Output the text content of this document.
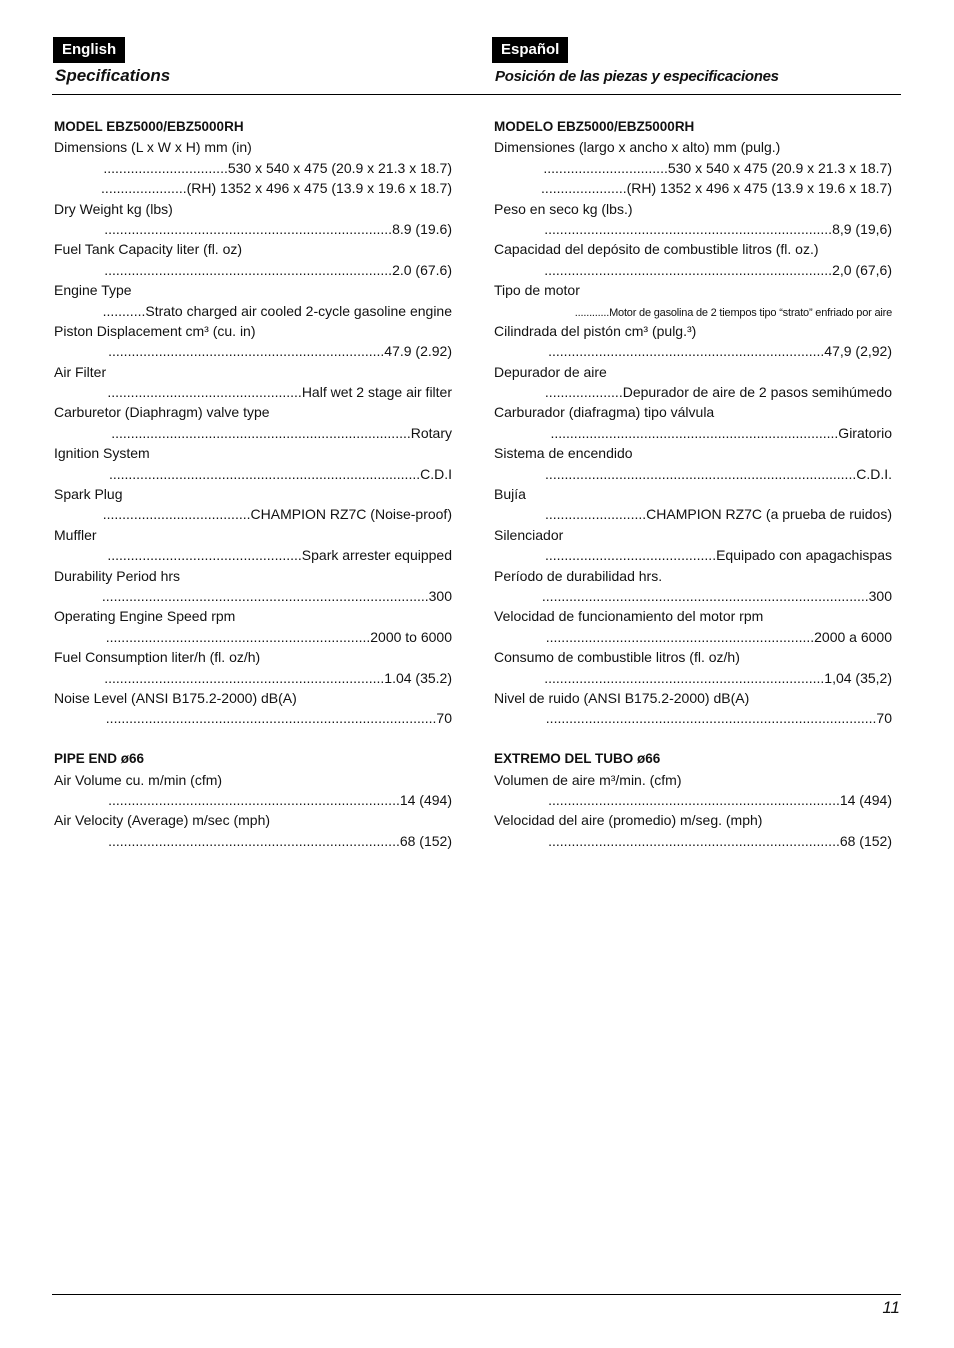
English	Español
Specifications	Posición de las piezas y especificaciones
MODEL EBZ5000/EBZ5000RH
Dimensions (L x W x H) mm (in)
................................530 x 540 x 475 (20.9 x 21.3 x 18.7)
......................(RH) 1352 x 496 x 475 (13.9 x 19.6 x 18.7)
Dry Weight kg (lbs)
..........................................................................8.9 (19.6)
Fuel Tank Capacity liter (fl. oz)
..........................................................................2.0 (67.6)
Engine Type
...........Strato charged air cooled 2-cycle gasoline engine
Piston Displacement cm³ (cu. in)
.......................................................................47.9 (2.92)
Air Filter
..................................................Half wet 2 stage air filter
Carburetor (Diaphragm) valve type
.............................................................................Rotary
Ignition System
................................................................................C.D.I
Spark Plug
......................................CHAMPION RZ7C (Noise-proof)
Muffler
..................................................Spark arrester equipped
Durability Period hrs
....................................................................................300
Operating Engine Speed rpm
....................................................................2000 to 6000
Fuel Consumption liter/h (fl. oz/h)
........................................................................1.04 (35.2)
Noise Level (ANSI B175.2-2000) dB(A)
.....................................................................................70
PIPE END ø66
Air Volume cu. m/min (cfm)
...........................................................................14 (494)
Air Velocity (Average) m/sec (mph)
...........................................................................68 (152)
MODELO EBZ5000/EBZ5000RH
Dimensiones (largo x ancho x alto) mm (pulg.)
................................530 x 540 x 475 (20.9 x 21.3 x 18.7)
......................(RH) 1352 x 496 x 475 (13.9 x 19.6 x 18.7)
Peso en seco kg (lbs.)
..........................................................................8,9 (19,6)
Capacidad del depósito de combustible litros (fl. oz.)
..........................................................................2,0 (67,6)
Tipo de motor
............Motor de gasolina de 2 tiempos tipo “strato” enfriado por aire
Cilindrada del pistón cm³ (pulg.³)
.......................................................................47,9 (2,92)
Depurador de aire
....................Depurador de aire de 2 pasos semihúmedo
Carburador (diafragma) tipo válvula
..........................................................................Giratorio
Sistema de encendido
................................................................................C.D.I.
Bujía
..........................CHAMPION RZ7C (a prueba de ruidos)
Silenciador
............................................Equipado con apagachispas
Período de durabilidad hrs.
....................................................................................300
Velocidad de funcionamiento del motor rpm
.....................................................................2000 a 6000
Consumo de combustible litros (fl. oz/h)
........................................................................1,04 (35,2)
Nivel de ruido (ANSI B175.2-2000) dB(A)
.....................................................................................70
EXTREMO DEL TUBO ø66
Volumen de aire m³/min. (cfm)
...........................................................................14 (494)
Velocidad del aire (promedio) m/seg. (mph)
...........................................................................68 (152)
11
